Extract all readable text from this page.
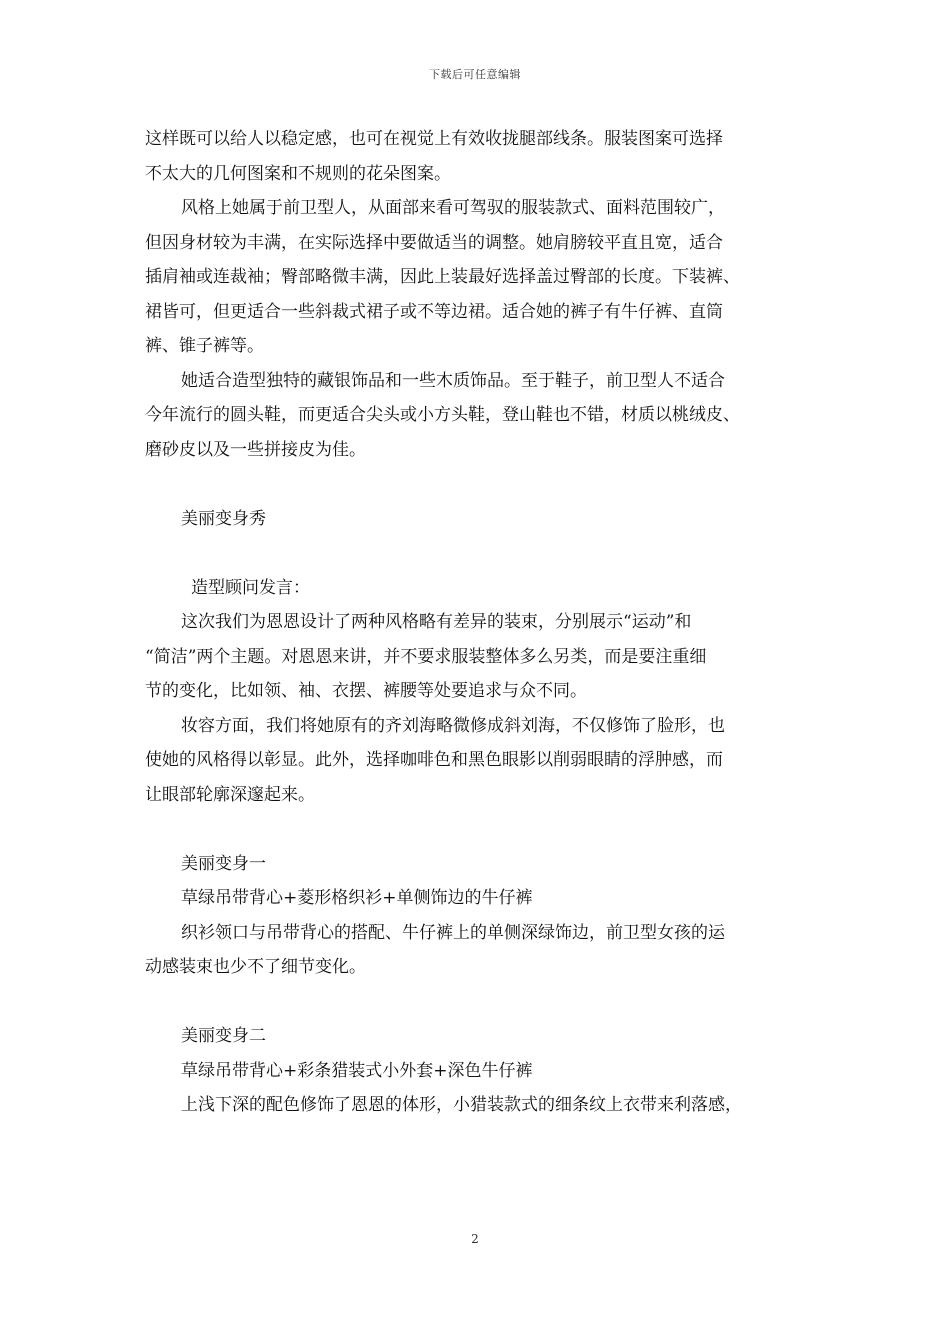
下载后可任意编辑
这样既可以给人以稳定感，也可在视觉上有效收拢腿部线条。服装图案可选择
不太大的几何图案和不规则的花朵图案。
风格上她属于前卫型人，从面部来看可驾驭的服装款式、面料范围较广，
但因身材较为丰满，在实际选择中要做适当的调整。她肩膀较平直且宽，适合
插肩袖或连裁袖；臀部略微丰满，因此上装最好选择盖过臀部的长度。下装裤、
裙皆可，但更适合一些斜裁式裙子或不等边裙。适合她的裤子有牛仔裤、直筒
裤、锥子裤等。
她适合造型独特的藏银饰品和一些木质饰品。至于鞋子，前卫型人不适合
今年流行的圆头鞋，而更适合尖头或小方头鞋，登山鞋也不错，材质以桃绒皮、
磨砂皮以及一些拼接皮为佳。
美丽变身秀
造型顾问发言：
这次我们为恩恩设计了两种风格略有差异的装束，分别展示“运动”和
“简洁”两个主题。对恩恩来讲，并不要求服装整体多么另类，而是要注重细
节的变化，比如领、袖、衣摆、裤腰等处要追求与众不同。
妆容方面，我们将她原有的齐刘海略微修成斜刘海，不仅修饰了脸形，也
使她的风格得以彰显。此外，选择咖啡色和黑色眼影以削弱眼睛的浮肿感，而
让眼部轮廓深邃起来。
美丽变身一
草绿吊带背心+菱形格织衫+单侧饰边的牛仔裤
织衫领口与吊带背心的搭配、牛仔裤上的单侧深绿饰边，前卫型女孩的运
动感装束也少不了细节变化。
美丽变身二
草绿吊带背心+彩条猎装式小外套+深色牛仔裤
上浅下深的配色修饰了恩恩的体形，小猎装款式的细条纹上衣带来利落感，
2
